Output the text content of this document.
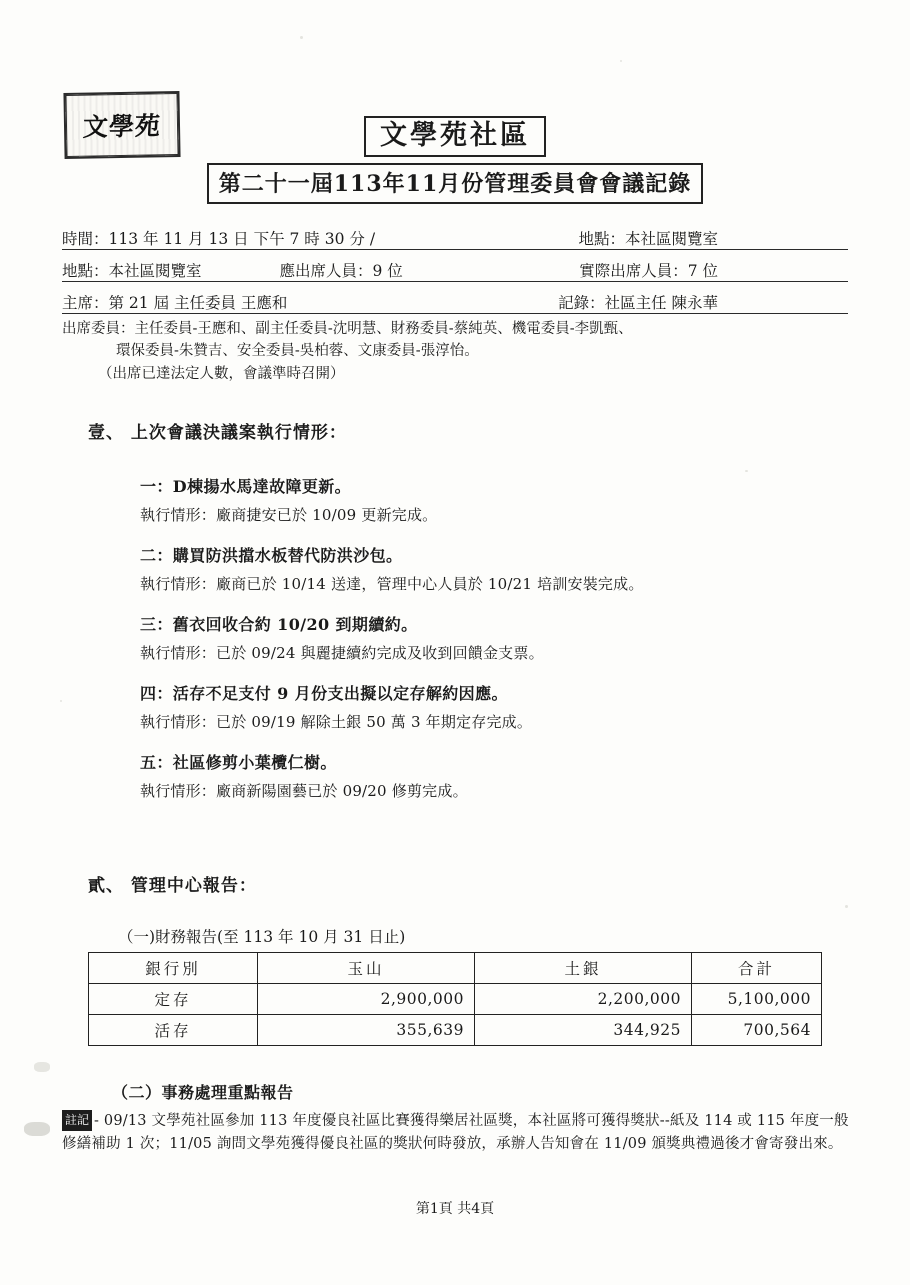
文學苑	文學苑社區
第二十一屆113年11月份管理委員會會議記錄
時間：113 年 11 月 13 日 下午 7 時 30 分 /	地點：本社區閱覽室
地點：本社區閱覽室	應出席人員：9 位	實際出席人員：7 位
主席：第 21 屆 主任委員 王應和	記錄：社區主任 陳永華
出席委員：主任委員-王應和、副主任委員-沈明慧、財務委員-蔡純英、機電委員-李凱甄、
環保委員-朱贊吉、安全委員-吳柏蓉、文康委員-張淳怡。
（出席已達法定人數，會議準時召開）
壹、 上次會議決議案執行情形：
一：D棟揚水馬達故障更新。
執行情形：廠商捷安已於 10/09 更新完成。
二：購買防洪擋水板替代防洪沙包。
執行情形：廠商已於 10/14 送達，管理中心人員於 10/21 培訓安裝完成。
三：舊衣回收合約 10/20 到期續約。
執行情形：已於 09/24 與麗捷續約完成及收到回饋金支票。
四：活存不足支付 9 月份支出擬以定存解約因應。
執行情形：已於 09/19 解除土銀 50 萬 3 年期定存完成。
五：社區修剪小葉欖仁樹。
執行情形：廠商新陽園藝已於 09/20 修剪完成。
貳、 管理中心報告：
（一)財務報告(至 113 年 10 月 31 日止)
銀行別	玉山	土銀	合計
定存	2,900,000	2,200,000	5,100,000
活存	355,639	344,925	700,564
（二）事務處理重點報告
註記 - 09/13 文學苑社區參加 113 年度優良社區比賽獲得樂居社區獎，本社區將可獲得獎狀--紙及 114 或 115 年度一般修繕補助 1 次；11/05 詢問文學苑獲得優良社區的獎狀何時發放，承辦人告知會在 11/09 頒獎典禮過後才會寄發出來。
第1頁 共4頁
